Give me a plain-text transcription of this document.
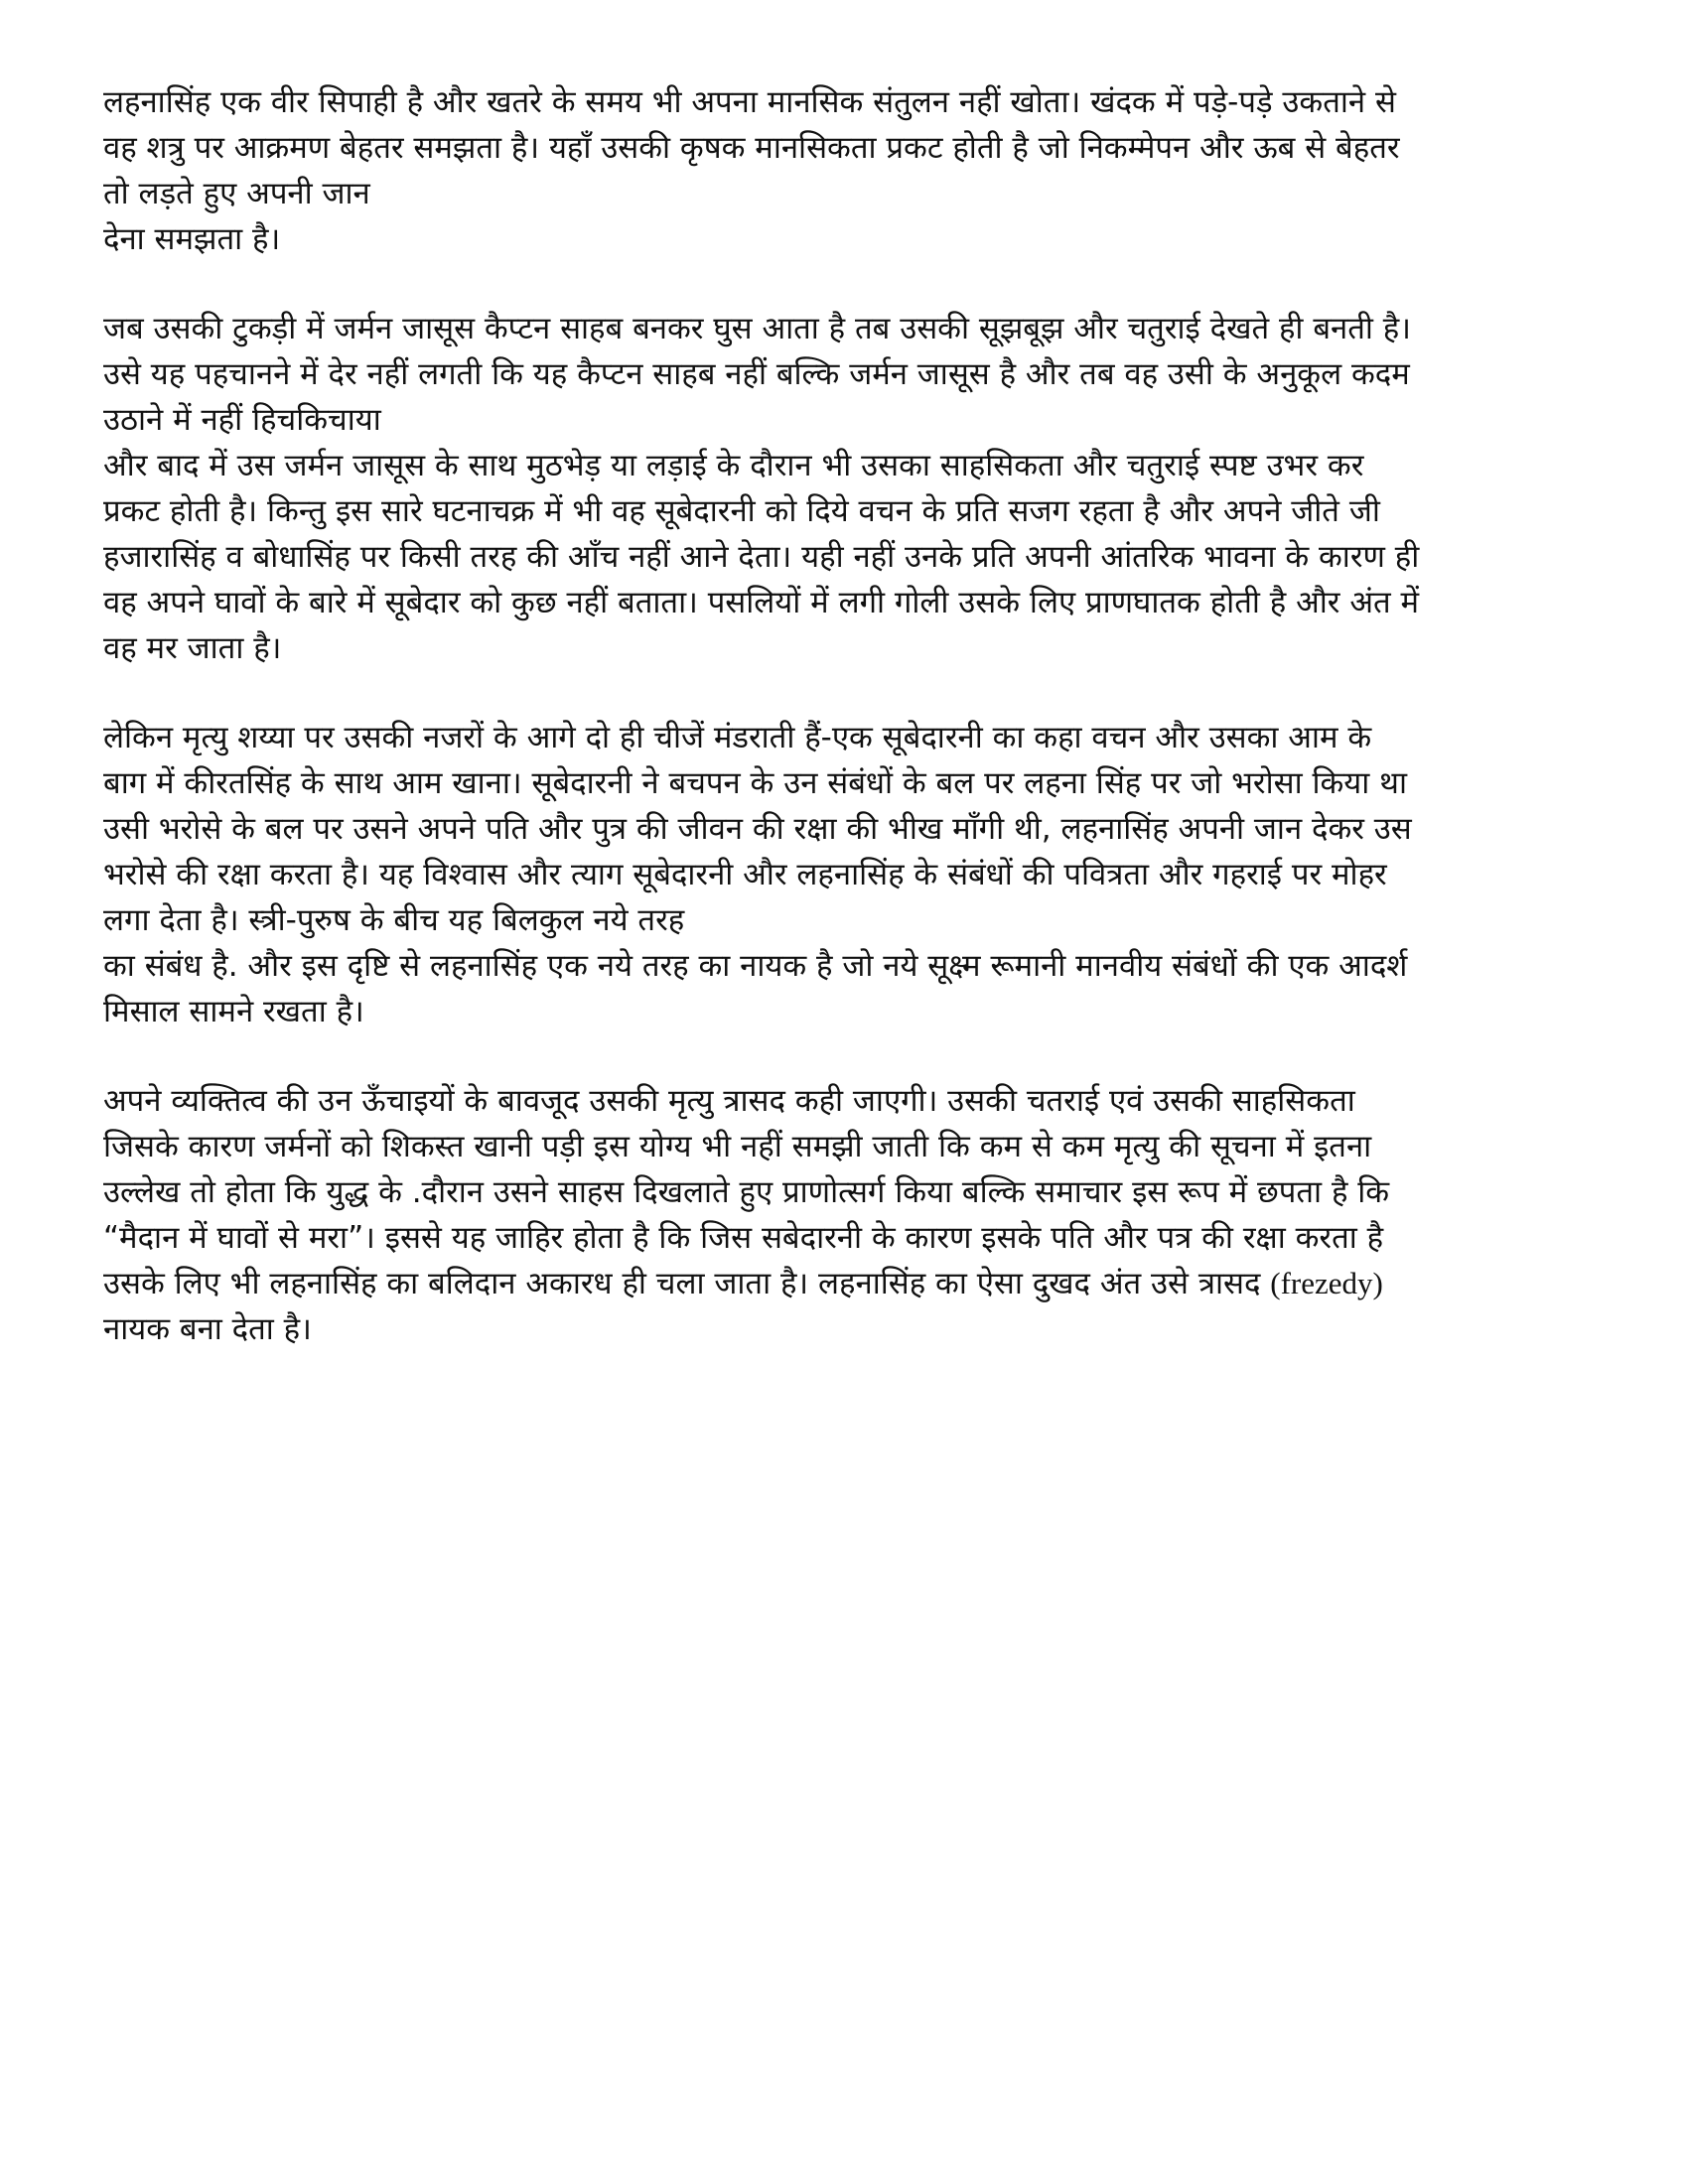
लहनासिंह एक वीर सिपाही है और खतरे के समय भी अपना मानसिक संतुलन नहीं खोता। खंदक में पड़े-पड़े उकताने से
वह शत्रु पर आक्रमण बेहतर समझता है। यहाँ उसकी कृषक मानसिकता प्रकट होती है जो निकम्मेपन और ऊब से बेहतर
तो लड़ते हुए अपनी जान
देना समझता है।

जब उसकी टुकड़ी में जर्मन जासूस कैप्टन साहब बनकर घुस आता है तब उसकी सूझबूझ और चतुराई देखते ही बनती है।
उसे यह पहचानने में देर नहीं लगती कि यह कैप्टन साहब नहीं बल्कि जर्मन जासूस है और तब वह उसी के अनुकूल कदम
उठाने में नहीं हिचकिचाया
और बाद में उस जर्मन जासूस के साथ मुठभेड़ या लड़ाई के दौरान भी उसका साहसिकता और चतुराई स्पष्ट उभर कर
प्रकट होती है। किन्तु इस सारे घटनाचक्र में भी वह सूबेदारनी को दिये वचन के प्रति सजग रहता है और अपने जीते जी
हजारासिंह व बोधासिंह पर किसी तरह की आँच नहीं आने देता। यही नहीं उनके प्रति अपनी आंतरिक भावना के कारण ही
वह अपने घावों के बारे में सूबेदार को कुछ नहीं बताता। पसलियों में लगी गोली उसके लिए प्राणघातक होती है और अंत में
वह मर जाता है।

लेकिन मृत्यु शय्या पर उसकी नजरों के आगे दो ही चीजें मंडराती हैं-एक सूबेदारनी का कहा वचन और उसका आम के
बाग में कीरतसिंह के साथ आम खाना। सूबेदारनी ने बचपन के उन संबंधों के बल पर लहना सिंह पर जो भरोसा किया था
उसी भरोसे के बल पर उसने अपने पति और पुत्र की जीवन की रक्षा की भीख माँगी थी, लहनासिंह अपनी जान देकर उस
भरोसे की रक्षा करता है। यह विश्वास और त्याग सूबेदारनी और लहनासिंह के संबंधों की पवित्रता और गहराई पर मोहर
लगा देता है। स्त्री-पुरुष के बीच यह बिलकुल नये तरह
का संबंध है. और इस दृष्टि से लहनासिंह एक नये तरह का नायक है जो नये सूक्ष्म रूमानी मानवीय संबंधों की एक आदर्श
मिसाल सामने रखता है।

अपने व्यक्तित्व की उन ऊँचाइयों के बावजूद उसकी मृत्यु त्रासद कही जाएगी। उसकी चतराई एवं उसकी साहसिकता
जिसके कारण जर्मनों को शिकस्त खानी पड़ी इस योग्य भी नहीं समझी जाती कि कम से कम मृत्यु की सूचना में इतना
उल्लेख तो होता कि युद्ध के .दौरान उसने साहस दिखलाते हुए प्राणोत्सर्ग किया बल्कि समाचार इस रूप में छपता है कि
“मैदान में घावों से मरा”। इससे यह जाहिर होता है कि जिस सबेदारनी के कारण इसके पति और पत्र की रक्षा करता है
उसके लिए भी लहनासिंह का बलिदान अकारध ही चला जाता है। लहनासिंह का ऐसा दुखद अंत उसे त्रासद (frezedy)
नायक बना देता है।
